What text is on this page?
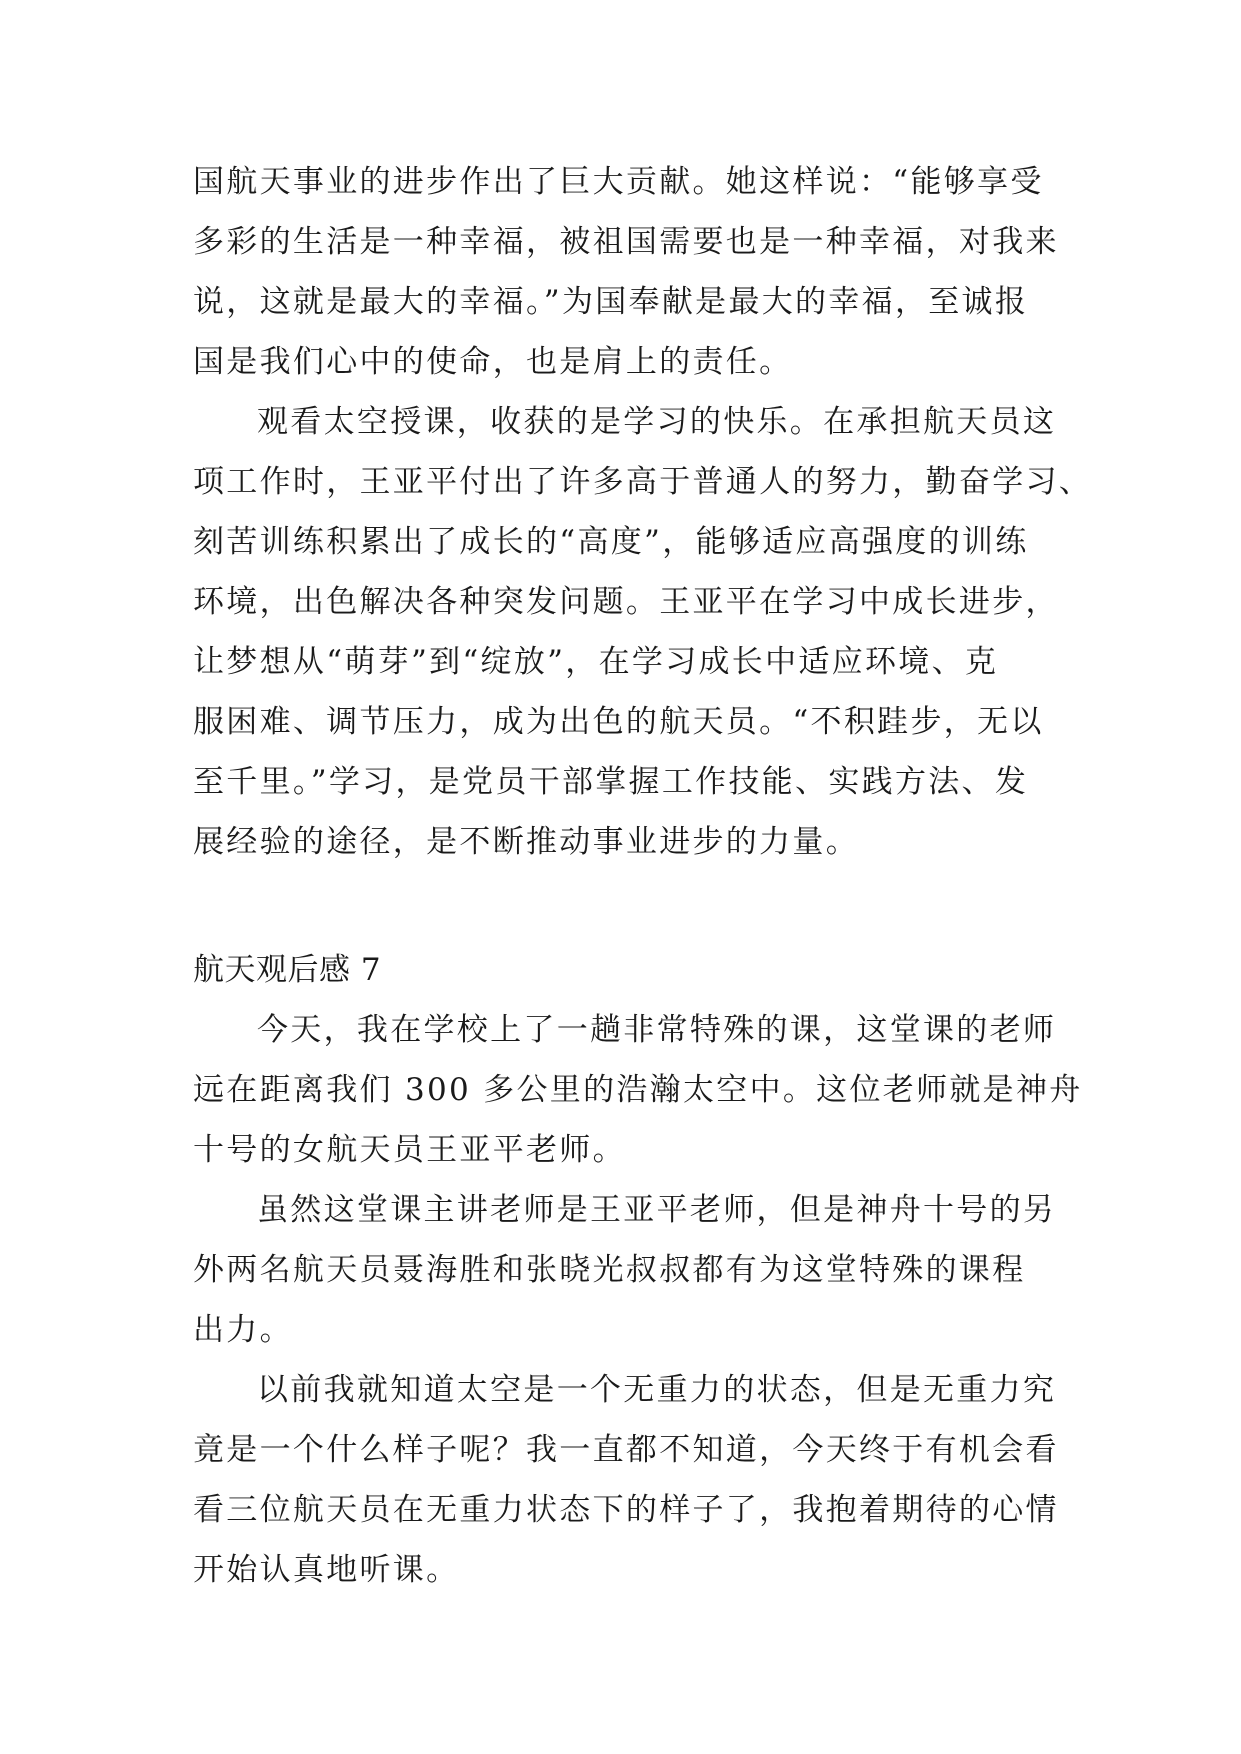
国航天事业的进步作出了巨大贡献。她这样说：“能够享受
多彩的生活是一种幸福，被祖国需要也是一种幸福，对我来
说，这就是最大的幸福。”为国奉献是最大的幸福，至诚报
国是我们心中的使命，也是肩上的责任。
观看太空授课，收获的是学习的快乐。在承担航天员这
项工作时，王亚平付出了许多高于普通人的努力，勤奋学习、
刻苦训练积累出了成长的“高度”，能够适应高强度的训练
环境，出色解决各种突发问题。王亚平在学习中成长进步，
让梦想从“萌芽”到“绽放”，在学习成长中适应环境、克
服困难、调节压力，成为出色的航天员。“不积跬步，无以
至千里。”学习，是党员干部掌握工作技能、实践方法、发
展经验的途径，是不断推动事业进步的力量。
航天观后感 7
今天，我在学校上了一趟非常特殊的课，这堂课的老师
远在距离我们 300 多公里的浩瀚太空中。这位老师就是神舟
十号的女航天员王亚平老师。
虽然这堂课主讲老师是王亚平老师，但是神舟十号的另
外两名航天员聂海胜和张晓光叔叔都有为这堂特殊的课程
出力。
以前我就知道太空是一个无重力的状态，但是无重力究
竟是一个什么样子呢？我一直都不知道，今天终于有机会看
看三位航天员在无重力状态下的样子了，我抱着期待的心情
开始认真地听课。
